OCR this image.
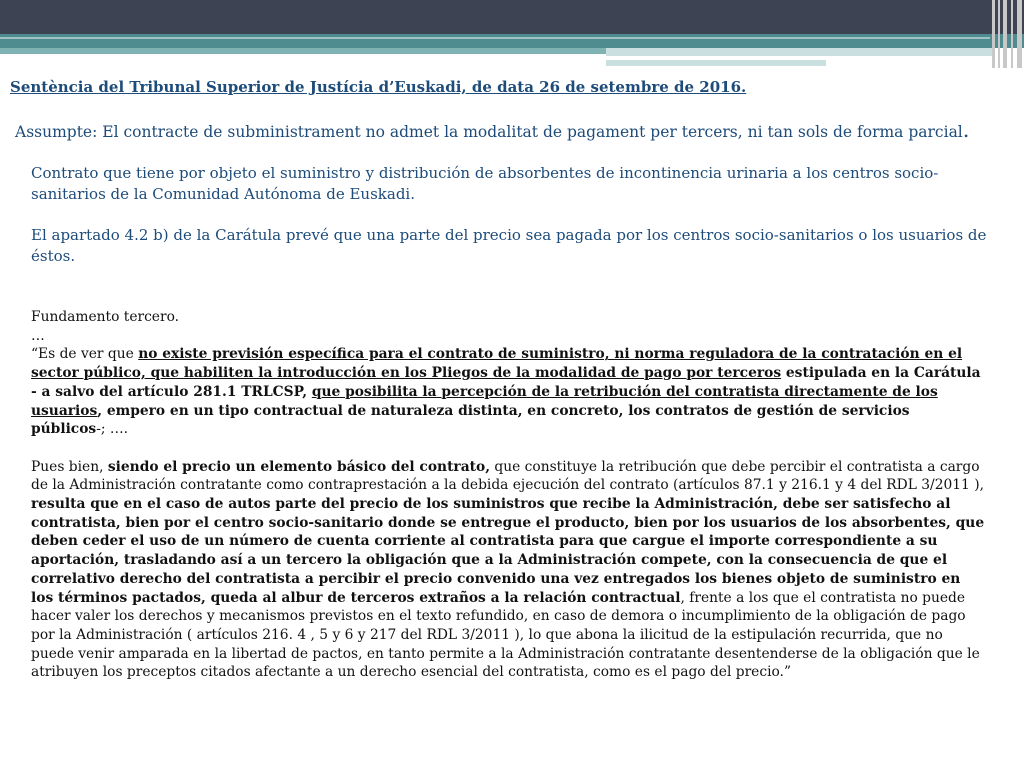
Sentència del Tribunal Superior de Justícia d’Euskadi, de data 26 de setembre de 2016.
Assumpte: El contracte de subministrament no admet la modalitat de pagament per tercers, ni tan sols de forma parcial.

Contrato que tiene por objeto el suministro y distribución de absorbentes de incontinencia urinaria a los centros socio- sanitarios de la Comunidad Autónoma de Euskadi.

El apartado 4.2 b) de la Carátula prevé que una parte del precio sea pagada por los centros socio-sanitarios o los usuarios de éstos.

Fundamento tercero.

…

“Es de ver que no existe previsión específica para el contrato de suministro, ni norma reguladora de la contratación en el sector público, que habiliten la introducción en los Pliegos de la modalidad de pago por terceros estipulada en la Carátula - a salvo del artículo 281.1 TRLCSP, que posibilita la percepción de la retribución del contratista directamente de los usuarios, empero en un tipo contractual de naturaleza distinta, en concreto, los contratos de gestión de servicios públicos-; ….

Pues bien, siendo el precio un elemento básico del contrato, que constituye la retribución que debe percibir el contratista a cargo de la Administración contratante como contraprestación a la debida ejecución del contrato (artículos 87.1 y 216.1 y 4 del RDL 3/2011 ), resulta que en el caso de autos parte del precio de los suministros que recibe la Administración, debe ser satisfecho al contratista, bien por el centro socio-sanitario donde se entregue el producto, bien por los usuarios de los absorbentes, que deben ceder el uso de un número de cuenta corriente al contratista para que cargue el importe correspondiente a su aportación, trasladando así a un tercero la obligación que a la Administración compete, con la consecuencia de que el correlativo derecho del contratista a percibir el precio convenido una vez entregados los bienes objeto de suministro en los términos pactados, queda al albur de terceros extraños a la relación contractual, frente a los que el contratista no puede hacer valer los derechos y mecanismos previstos en el texto refundido, en caso de demora o incumplimiento de la obligación de pago por la Administración ( artículos 216. 4 , 5 y 6 y 217 del RDL 3/2011 ), lo que abona la ilicitud de la estipulación recurrida, que no puede venir amparada en la libertad de pactos, en tanto permite a la Administración contratante desentenderse de la obligación que le atribuyen los preceptos citados afectante a un derecho esencial del contratista, como es el pago del precio.”
